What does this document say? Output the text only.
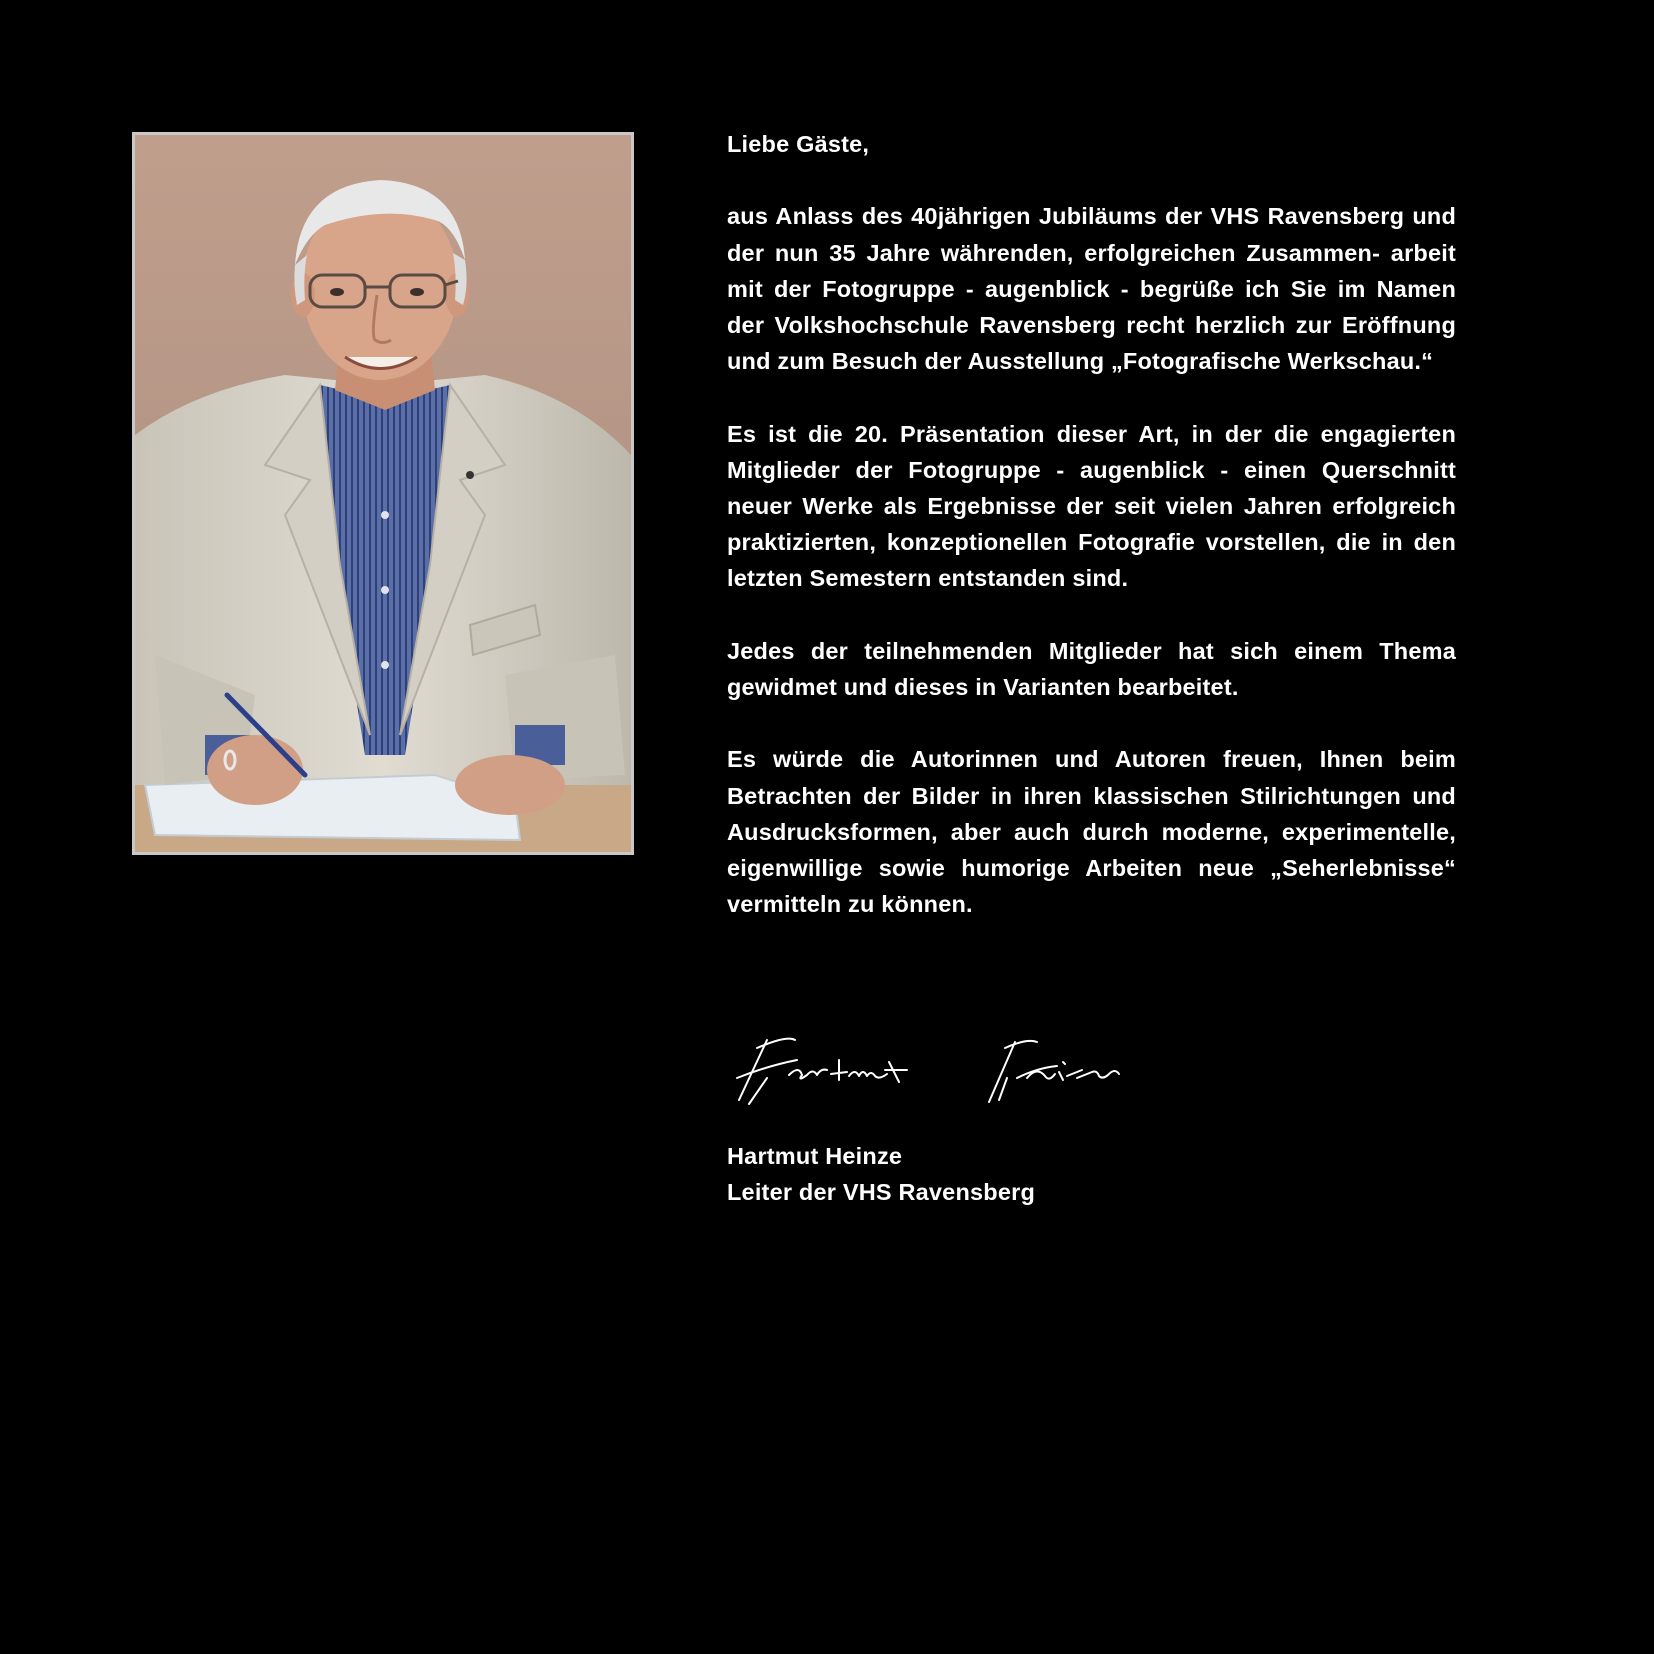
Liebe Gäste,

aus Anlass des 40jährigen Jubiläums der VHS Ravensberg und der nun 35 Jahre währenden, erfolgreichen Zusammen- arbeit mit der Fotogruppe - augenblick - begrüße ich Sie im Namen der Volkshochschule Ravensberg recht herzlich zur Eröffnung und zum Besuch der Ausstellung „Fotografische Werkschau.“

Es ist die 20. Präsentation dieser Art, in der die engagierten Mitglieder der Fotogruppe - augenblick - einen Querschnitt neuer Werke als Ergebnisse der seit vielen Jahren erfolgreich praktizierten, konzeptionellen Fotografie vorstellen, die in den letzten Semestern entstanden sind.

Jedes der teilnehmenden Mitglieder hat sich einem Thema gewidmet und dieses in Varianten bearbeitet.

Es würde die Autorinnen und Autoren freuen, Ihnen beim Betrachten der Bilder in ihren klassischen Stilrichtungen und Ausdrucksformen, aber auch durch moderne, experimentelle, eigenwillige sowie humorige Arbeiten neue „Seherlebnisse“ vermitteln zu können.

Hartmut Heinze
Leiter der VHS Ravensberg
